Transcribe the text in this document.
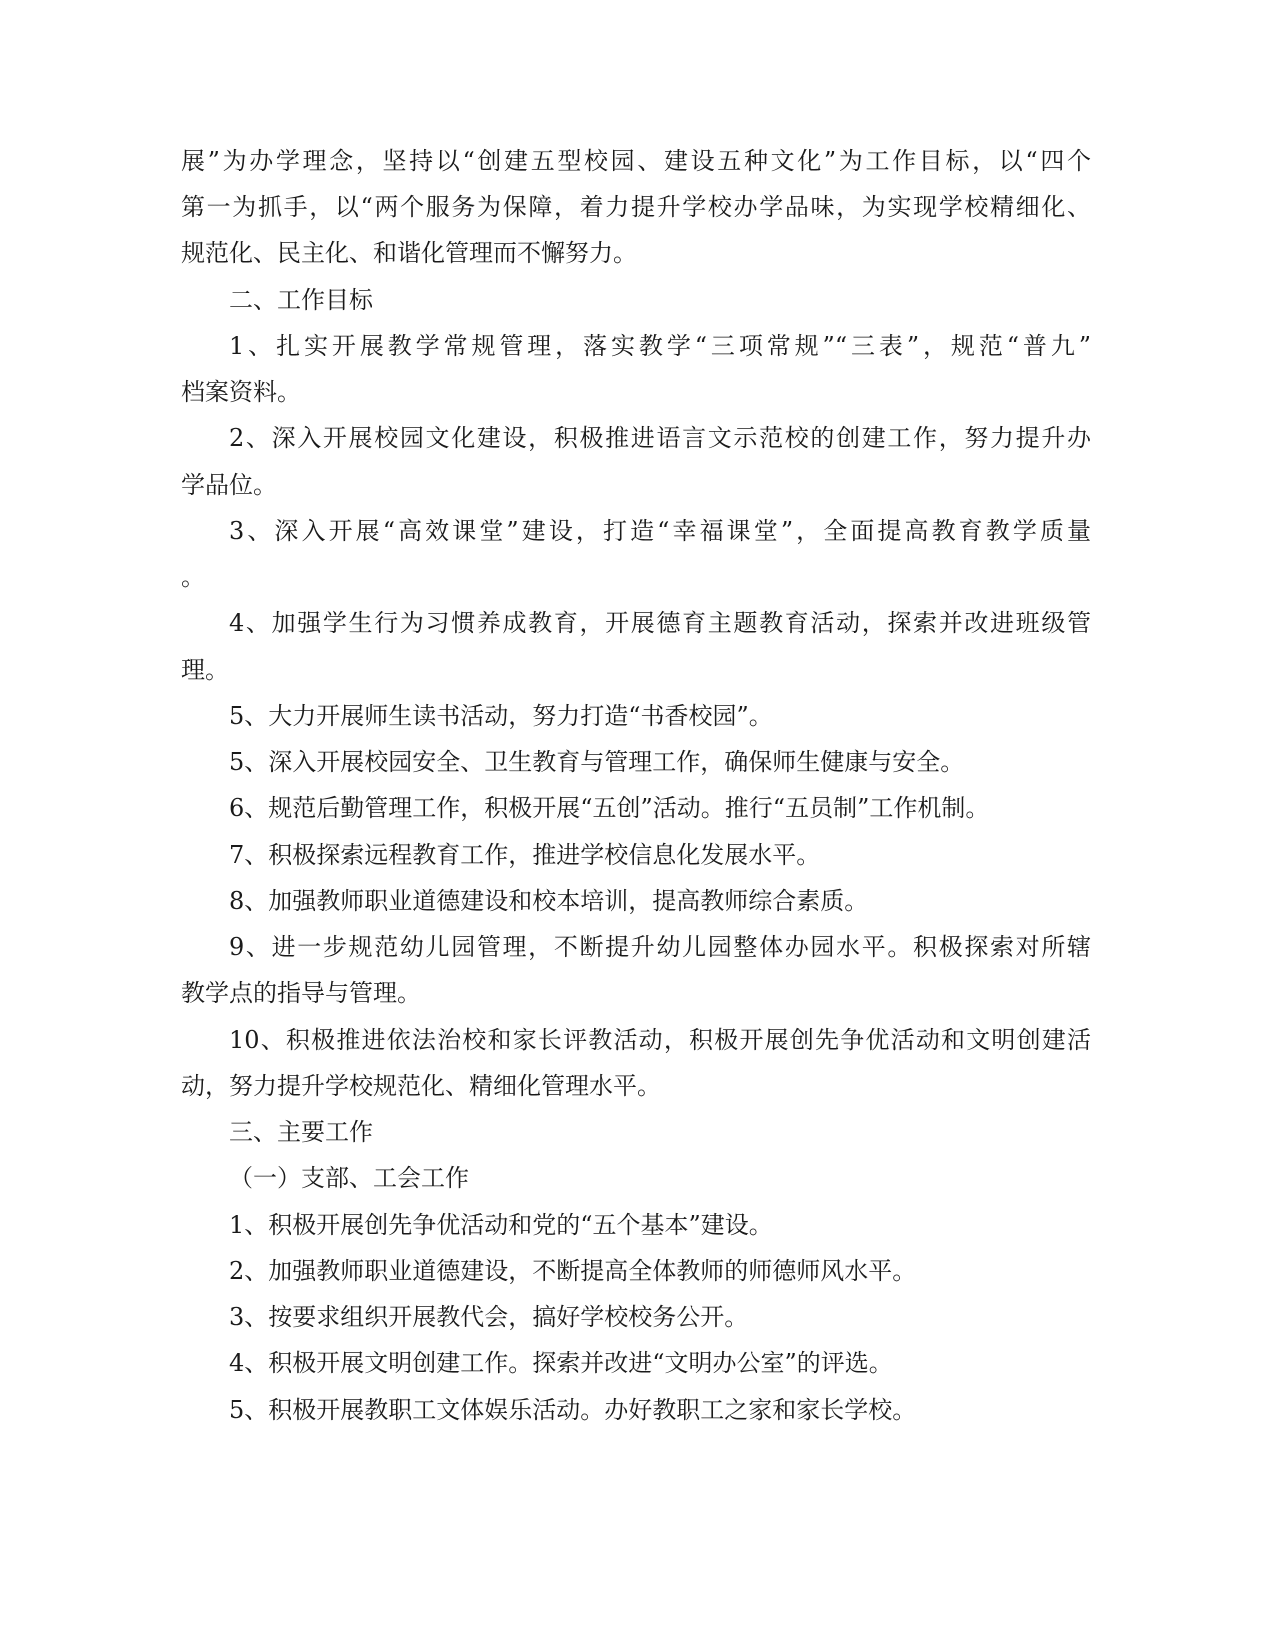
展”为办学理念，坚持以“创建五型校园、建设五种文化”为工作目标，以“四个
第一为抓手，以“两个服务为保障，着力提升学校办学品味，为实现学校精细化、
规范化、民主化、和谐化管理而不懈努力。
二、工作目标
1、扎实开展教学常规管理，落实教学“三项常规”“三表”，规范“普九”
档案资料。
2、深入开展校园文化建设，积极推进语言文示范校的创建工作，努力提升办
学品位。
3、深入开展“高效课堂”建设，打造“幸福课堂”，全面提高教育教学质量
。
4、加强学生行为习惯养成教育，开展德育主题教育活动，探索并改进班级管
理。
5、大力开展师生读书活动，努力打造“书香校园”。
5、深入开展校园安全、卫生教育与管理工作，确保师生健康与安全。
6、规范后勤管理工作，积极开展“五创”活动。推行“五员制”工作机制。
7、积极探索远程教育工作，推进学校信息化发展水平。
8、加强教师职业道德建设和校本培训，提高教师综合素质。
9、进一步规范幼儿园管理，不断提升幼儿园整体办园水平。积极探索对所辖
教学点的指导与管理。
10、积极推进依法治校和家长评教活动，积极开展创先争优活动和文明创建活
动，努力提升学校规范化、精细化管理水平。
三、主要工作
（一）支部、工会工作
1、积极开展创先争优活动和党的“五个基本”建设。
2、加强教师职业道德建设，不断提高全体教师的师德师风水平。
3、按要求组织开展教代会，搞好学校校务公开。
4、积极开展文明创建工作。探索并改进“文明办公室”的评选。
5、积极开展教职工文体娱乐活动。办好教职工之家和家长学校。
